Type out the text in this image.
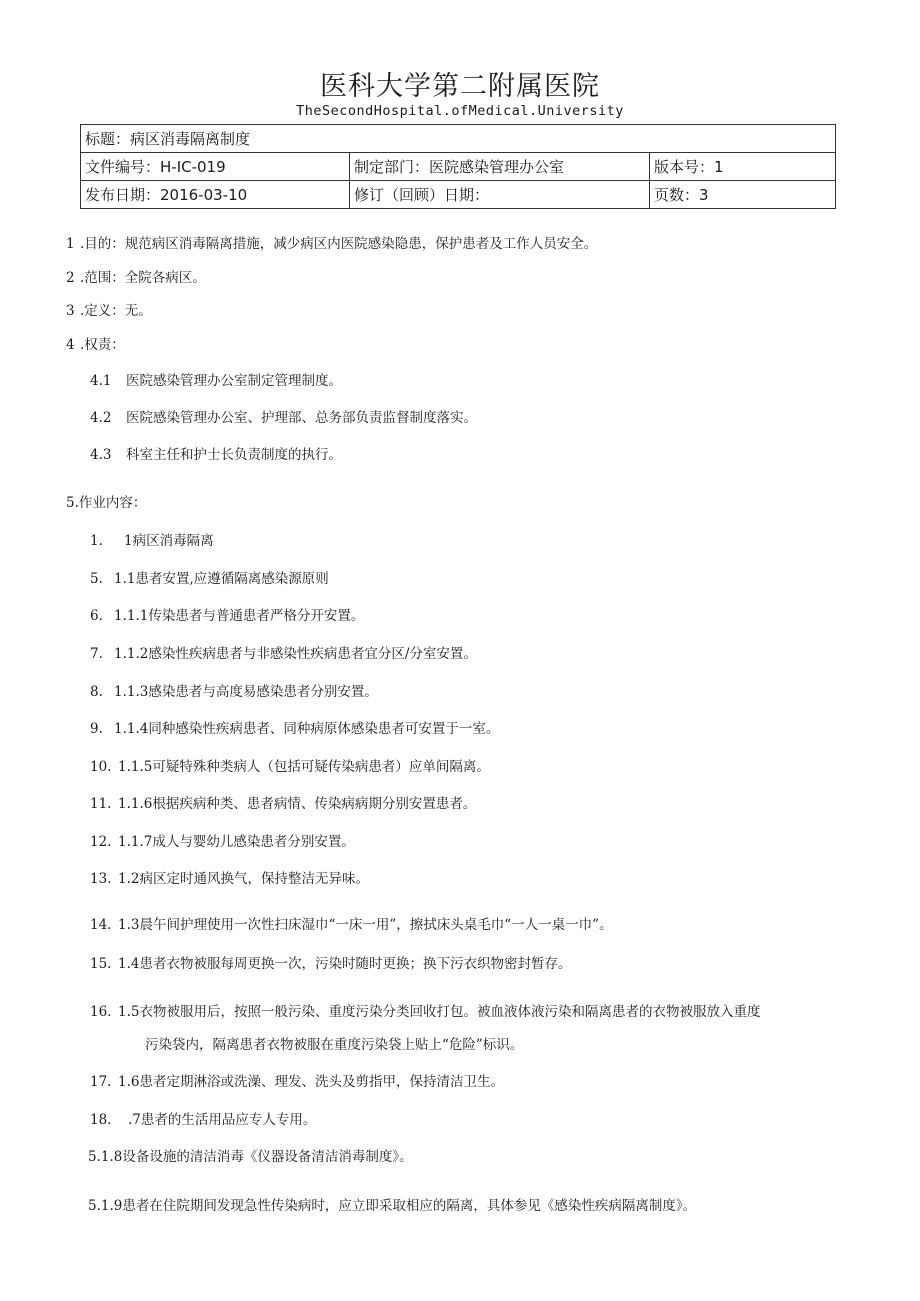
医科大学第二附属医院
TheSecondHospital.ofMedical.University
标题：病区消毒隔离制度		
文件编号：H-IC-019	制定部门：医院感染管理办公室	版本号：1
发布日期：2016-03-10	修订（回顾）日期：	页数：3
1 .目的：规范病区消毒隔离措施，减少病区内医院感染隐患，保护患者及工作人员安全。
2 .范围：全院各病区。
3 .定义：无。
4 .权责：
4.1 医院感染管理办公室制定管理制度。
4.2 医院感染管理办公室、护理部、总务部负责监督制度落实。
4.3 科室主任和护士长负责制度的执行。
5.作业内容：
1. 1病区消毒隔离
5. 1.1患者安置,应遵循隔离感染源原则
6. 1.1.1传染患者与普通患者严格分开安置。
7. 1.1.2感染性疾病患者与非感染性疾病患者宜分区/分室安置。
8. 1.1.3感染患者与高度易感染患者分别安置。
9. 1.1.4同种感染性疾病患者、同种病原体感染患者可安置于一室。
10. 1.1.5可疑特殊种类病人（包括可疑传染病患者）应单间隔离。
11. 1.1.6根据疾病种类、患者病情、传染病病期分别安置患者。
12. 1.1.7成人与婴幼儿感染患者分别安置。
13. 1.2病区定时通风换气，保持整洁无异味。
14. 1.3晨午间护理使用一次性扫床湿巾“一床一用”，擦拭床头桌毛巾“一人一桌一巾”。
15. 1.4患者衣物被服每周更换一次，污染时随时更换；换下污衣织物密封暂存。
16. 1.5衣物被服用后，按照一般污染、重度污染分类回收打包。被血液体液污染和隔离患者的衣物被服放入重度
污染袋内，隔离患者衣物被服在重度污染袋上贴上“危险”标识。
17. 1.6患者定期淋浴或洗澡、理发、洗头及剪指甲，保持清洁卫生。
18. .7患者的生活用品应专人专用。
5.1.8设备设施的清洁消毒《仪器设备清洁消毒制度》。
5.1.9患者在住院期间发现急性传染病时，应立即采取相应的隔离，具体参见《感染性疾病隔离制度》。
